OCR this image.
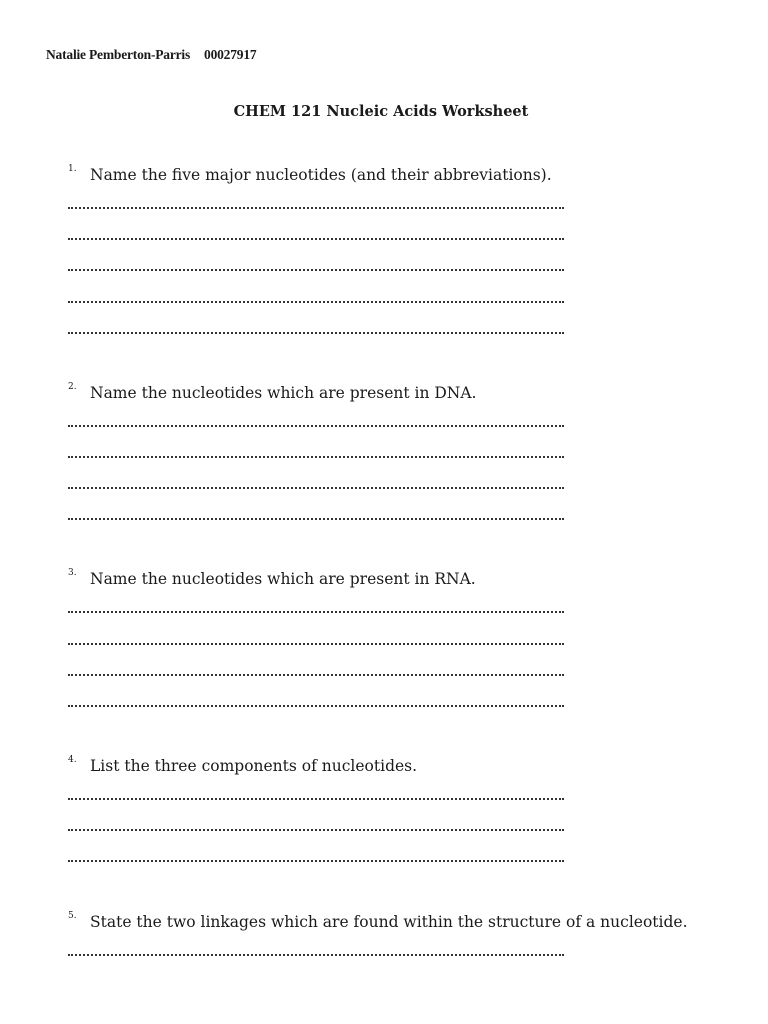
Natalie Pemberton-Parris 00027917
CHEM 121 Nucleic Acids Worksheet
1. Name the five major nucleotides (and their abbreviations).
2. Name the nucleotides which are present in DNA.
3. Name the nucleotides which are present in RNA.
4. List the three components of nucleotides.
5. State the two linkages which are found within the structure of a nucleotide.
